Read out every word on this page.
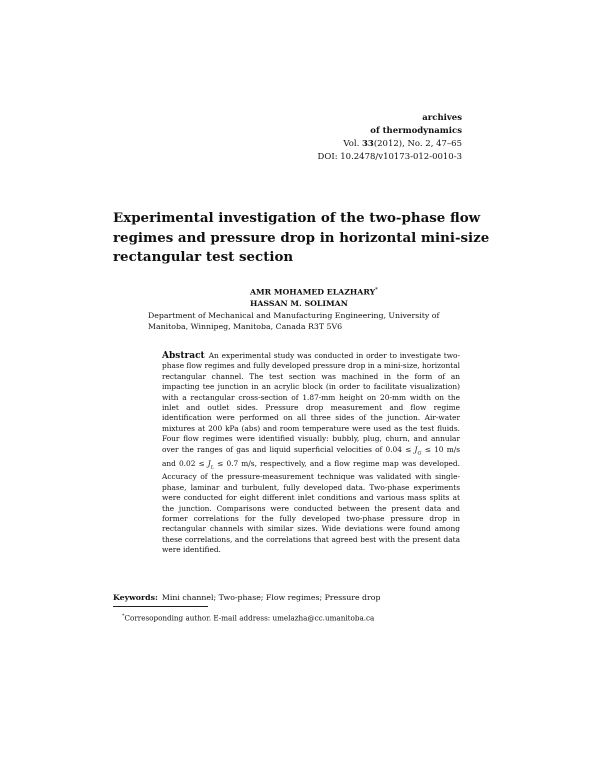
archives
of thermodynamics
Vol. 33(2012), No. 2, 47–65
DOI: 10.2478/v10173-012-0010-3
Experimental investigation of the two-phase flow regimes and pressure drop in horizontal mini-size rectangular test section
AMR MOHAMED ELAZHARY*
HASSAN M. SOLIMAN
Department of Mechanical and Manufacturing Engineering, University of Manitoba, Winnipeg, Manitoba, Canada R3T 5V6
Abstract An experimental study was conducted in order to investigate two-phase flow regimes and fully developed pressure drop in a mini-size, horizontal rectangular channel. The test section was machined in the form of an impacting tee junction in an acrylic block (in order to facilitate visualization) with a rectangular cross-section of 1.87-mm height on 20-mm width on the inlet and outlet sides. Pressure drop measurement and flow regime identification were performed on all three sides of the junction. Air-water mixtures at 200 kPa (abs) and room temperature were used as the test fluids. Four flow regimes were identified visually: bubbly, plug, churn, and annular over the ranges of gas and liquid superficial velocities of $0.04 \le J_G \le 10$ m/s and $0.02 \le J_L \le 0.7$ m/s, respectively, and a flow regime map was developed. Accuracy of the pressure-measurement technique was validated with single-phase, laminar and turbulent, fully developed data. Two-phase experiments were conducted for eight different inlet conditions and various mass splits at the junction. Comparisons were conducted between the present data and former correlations for the fully developed two-phase pressure drop in rectangular channels with similar sizes. Wide deviations were found among these correlations, and the correlations that agreed best with the present data were identified.
Keywords: Mini channel; Two-phase; Flow regimes; Pressure drop
*Corresoponding author. E-mail address: umelazha@cc.umanitoba.ca
